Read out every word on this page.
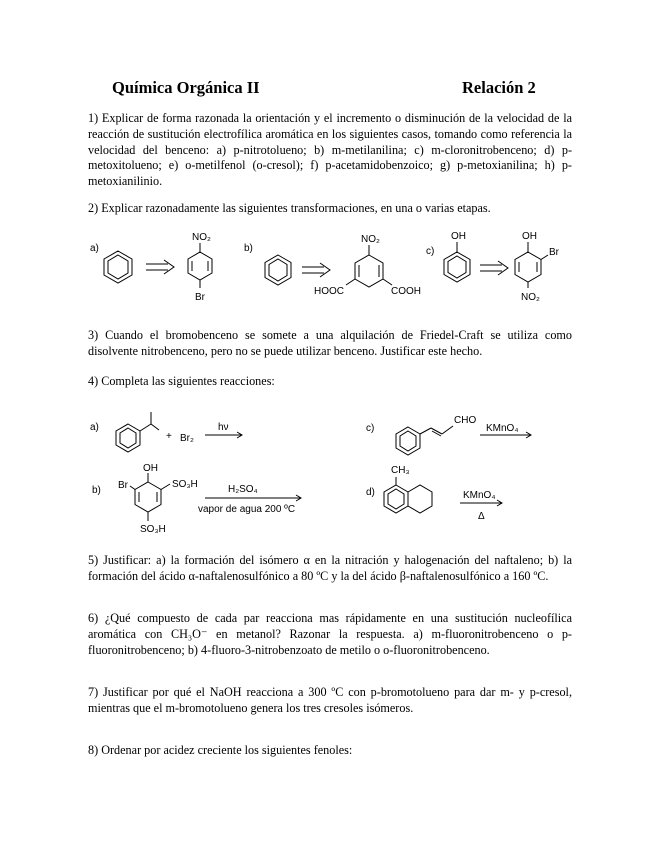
Química Orgánica II	Relación 2
1) Explicar de forma razonada la orientación y el incremento o disminución de la velocidad de la reacción de sustitución electrofílica aromática en los siguientes casos, tomando como referencia la velocidad del benceno: a) p-nitrotolueno; b) m-metilanilina; c) m-cloronitrobenceno; d) p-metoxitolueno; e) o-metilfenol (o-cresol); f) p-acetamidobenzoico; g) p-metoxianilina; h) p-metoxianilinio.
2) Explicar razonadamente las siguientes transformaciones, en una o varias etapas.
a)
NO₂
Br
b)
NO₂
HOOC	COOH
c)
OH	OH
Br
NO₂
3) Cuando el bromobenceno se somete a una alquilación de Friedel-Craft se utiliza como disolvente nitrobenceno, pero no se puede utilizar benceno. Justificar este hecho.
4) Completa las siguientes reacciones:
a)
+ Br₂
hν	c)
CHO
KMnO₄
b)
OH
Br	SO₃H
SO₃H
H₂SO₄
vapor de agua 200 ºC
d)
CH₃
KMnO₄
Δ
5) Justificar: a) la formación del isómero α en la nitración y halogenación del naftaleno; b) la formación del ácido α-naftalenosulfónico a 80 ºC y la del ácido β-naftalenosulfónico a 160 ºC.
6) ¿Qué compuesto de cada par reacciona mas rápidamente en una sustitución nucleofílica aromática con CH₃O⁻ en metanol? Razonar la respuesta. a) m-fluoronitrobenceno o p-fluoronitrobenceno; b) 4-fluoro-3-nitrobenzoato de metilo o o-fluoronitrobenceno.
7) Justificar por qué el NaOH reacciona a 300 ºC con p-bromotolueno para dar m- y p-cresol, mientras que el m-bromotolueno genera los tres cresoles isómeros.
8) Ordenar por acidez creciente los siguientes fenoles:
